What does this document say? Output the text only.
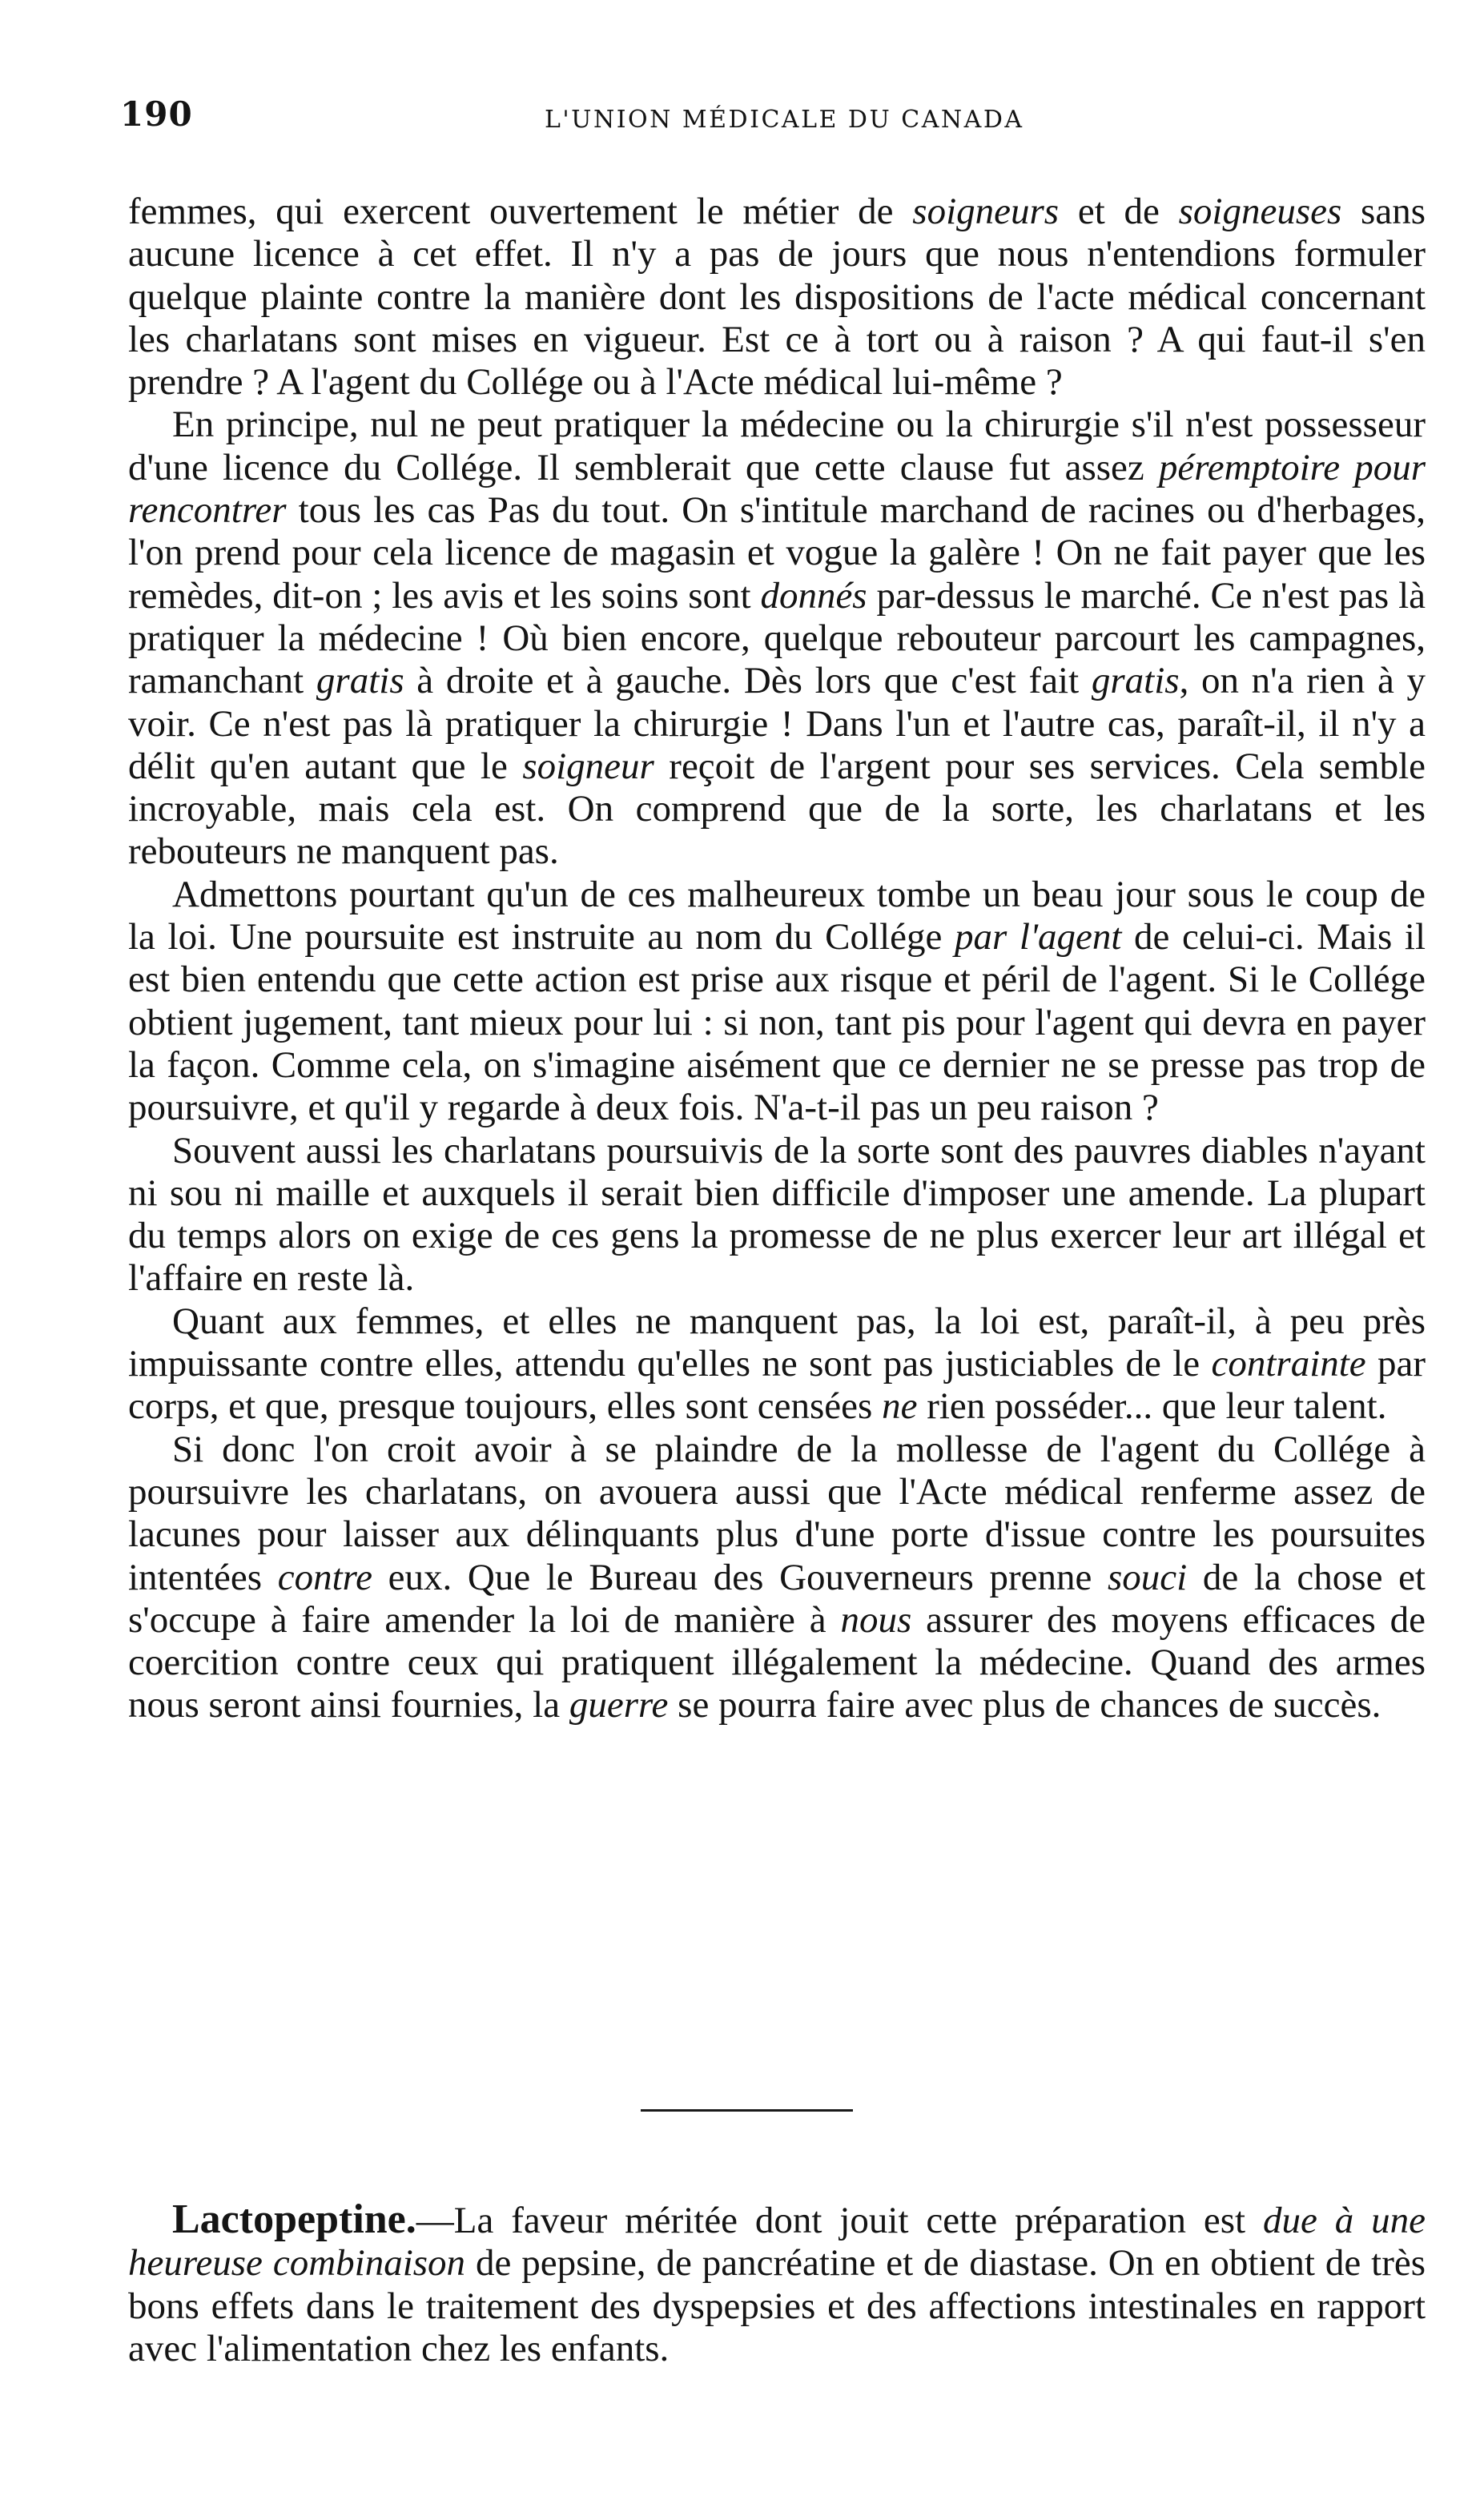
190	L'UNION MÉDICALE DU CANADA

femmes, qui exercent ouvertement le métier de soigneurs et de soigneuses sans aucune licence à cet effet. Il n'y a pas de jours que nous n'entendions formuler quelque plainte contre la manière dont les dispositions de l'acte médical concernant les charlatans sont mises en vigueur. Est ce à tort ou à raison ? A qui faut-il s'en prendre ? A l'agent du Collége ou à l'Acte médical lui-même ?

En principe, nul ne peut pratiquer la médecine ou la chirurgie s'il n'est possesseur d'une licence du Collége. Il semblerait que cette clause fut assez péremptoire pour rencontrer tous les cas Pas du tout. On s'intitule marchand de racines ou d'herbages, l'on prend pour cela licence de magasin et vogue la galère ! On ne fait payer que les remèdes, dit-on ; les avis et les soins sont donnés par-dessus le marché. Ce n'est pas là pratiquer la médecine ! Où bien encore, quelque rebouteur parcourt les campagnes, ramanchant gratis à droite et à gauche. Dès lors que c'est fait gratis, on n'a rien à y voir. Ce n'est pas là pratiquer la chirurgie ! Dans l'un et l'autre cas, paraît-il, il n'y a délit qu'en autant que le soigneur reçoit de l'argent pour ses services. Cela semble incroyable, mais cela est. On comprend que de la sorte, les charlatans et les rebouteurs ne manquent pas.

Admettons pourtant qu'un de ces malheureux tombe un beau jour sous le coup de la loi. Une poursuite est instruite au nom du Collége par l'agent de celui-ci. Mais il est bien entendu que cette action est prise aux risque et péril de l'agent. Si le Collége obtient jugement, tant mieux pour lui : si non, tant pis pour l'agent qui devra en payer la façon. Comme cela, on s'imagine aisément que ce dernier ne se presse pas trop de poursuivre, et qu'il y regarde à deux fois. N'a-t-il pas un peu raison ?

Souvent aussi les charlatans poursuivis de la sorte sont des pauvres diables n'ayant ni sou ni maille et auxquels il serait bien difficile d'imposer une amende. La plupart du temps alors on exige de ces gens la promesse de ne plus exercer leur art illégal et l'affaire en reste là.

Quant aux femmes, et elles ne manquent pas, la loi est, paraît-il, à peu près impuissante contre elles, attendu qu'elles ne sont pas justiciables de le contrainte par corps, et que, presque toujours, elles sont censées ne rien posséder... que leur talent.

Si donc l'on croit avoir à se plaindre de la mollesse de l'agent du Collége à poursuivre les charlatans, on avouera aussi que l'Acte médical renferme assez de lacunes pour laisser aux délinquants plus d'une porte d'issue contre les poursuites intentées contre eux. Que le Bureau des Gouverneurs prenne souci de la chose et s'occupe à faire amender la loi de manière à nous assurer des moyens efficaces de coercition contre ceux qui pratiquent illégalement la médecine. Quand des armes nous seront ainsi fournies, la guerre se pourra faire avec plus de chances de succès.

Lactopeptine.—La faveur méritée dont jouit cette préparation est due à une heureuse combinaison de pepsine, de pancréatine et de diastase. On en obtient de très bons effets dans le traitement des dyspepsies et des affections intestinales en rapport avec l'alimentation chez les enfants.
